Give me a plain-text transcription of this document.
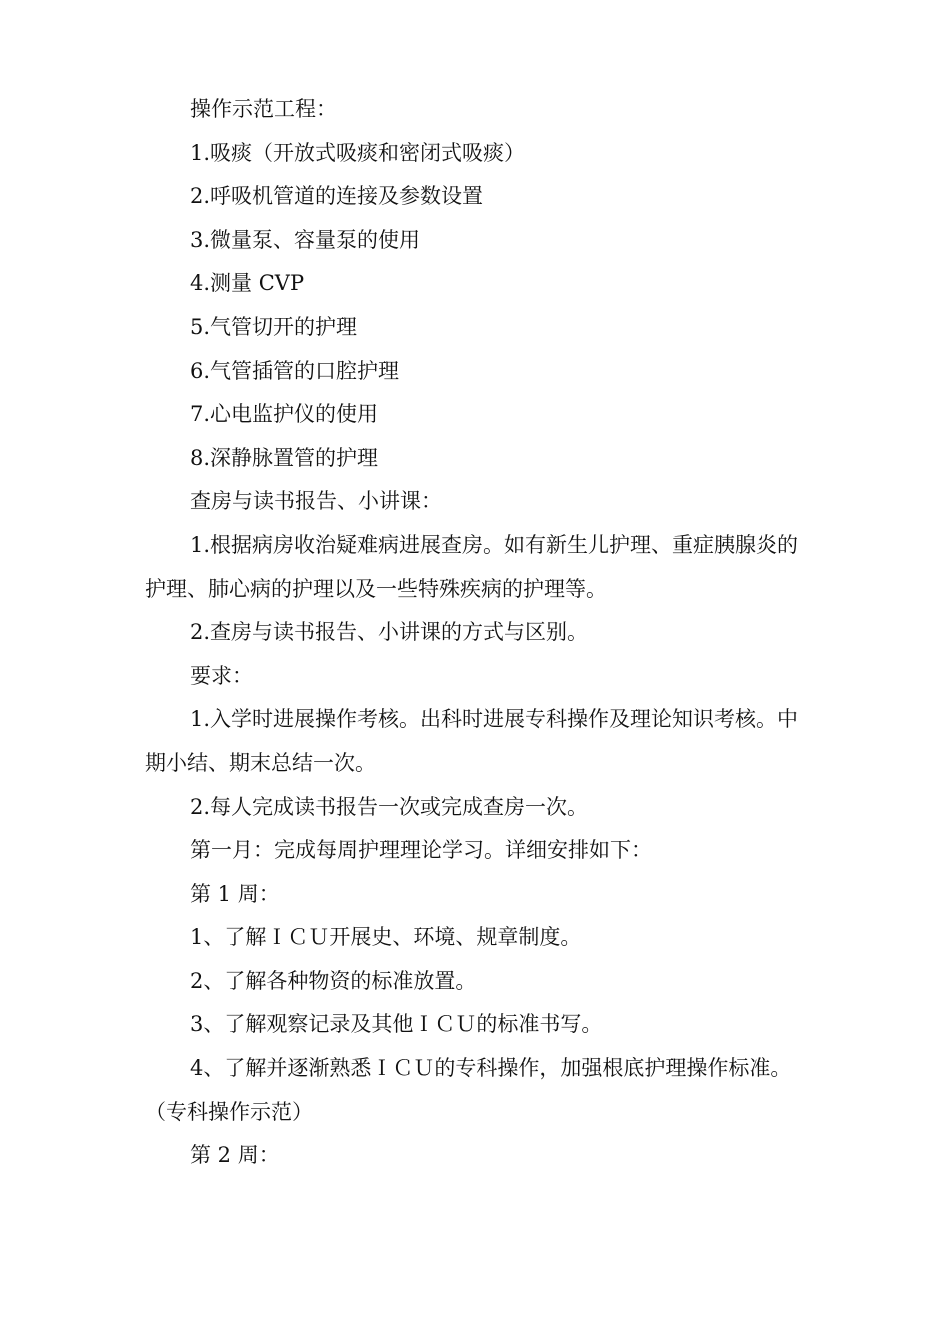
操作示范工程：

1.吸痰（开放式吸痰和密闭式吸痰）

2.呼吸机管道的连接及参数设置

3.微量泵、容量泵的使用

4.测量 CVP

5.气管切开的护理

6.气管插管的口腔护理

7.心电监护仪的使用

8.深静脉置管的护理

查房与读书报告、小讲课：

1.根据病房收治疑难病进展查房。如有新生儿护理、重症胰腺炎的护理、肺心病的护理以及一些特殊疾病的护理等。

2.查房与读书报告、小讲课的方式与区别。

要求：

1.入学时进展操作考核。出科时进展专科操作及理论知识考核。中期小结、期末总结一次。

2.每人完成读书报告一次或完成查房一次。

第一月：完成每周护理理论学习。详细安排如下：

第 1 周：

1、了解ＩＣＵ开展史、环境、规章制度。

2、了解各种物资的标准放置。

3、了解观察记录及其他ＩＣＵ的标准书写。

4、了解并逐渐熟悉ＩＣＵ的专科操作，加强根底护理操作标准。（专科操作示范）

第 2 周：
